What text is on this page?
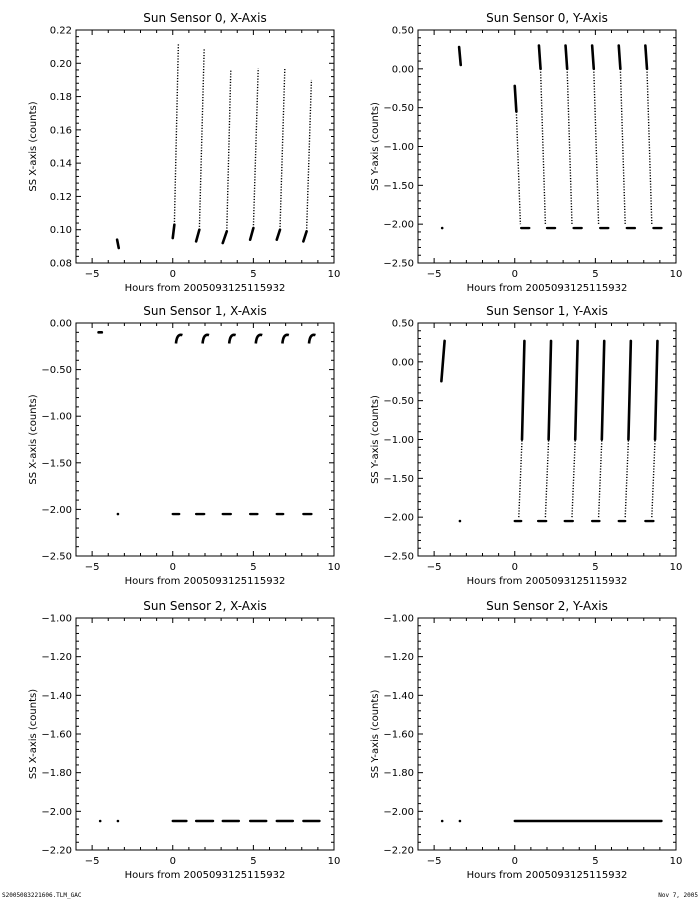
Sun Sensor 0, X-Axis
−5	0	5	10
0.08
0.10
0.12
0.14
0.16
0.18
0.20
0.22
Hours from 2005093125115932
SS X-axis (counts)
Sun Sensor 0, Y-Axis
−5	0	5	10
−2.50
−2.00
−1.50
−1.00
−0.50
0.00
0.50
Hours from 2005093125115932
SS Y-axis (counts)
Sun Sensor 1, X-Axis
−5	0	5	10
−2.50
−2.00
−1.50
−1.00
−0.50
0.00
Hours from 2005093125115932
SS X-axis (counts)
Sun Sensor 1, Y-Axis
−5	0	5	10
−2.50
−2.00
−1.50
−1.00
−0.50
0.00
0.50
Hours from 2005093125115932
SS Y-axis (counts)
Sun Sensor 2, X-Axis
−5	0	5	10
−2.20
−2.00
−1.80
−1.60
−1.40
−1.20
−1.00
Hours from 2005093125115932
SS X-axis (counts)
Sun Sensor 2, Y-Axis
−5	0	5	10
−2.20
−2.00
−1.80
−1.60
−1.40
−1.20
−1.00
Hours from 2005093125115932
SS Y-axis (counts)
S2005083221606.TLM_GAC	Nov 7, 2005
